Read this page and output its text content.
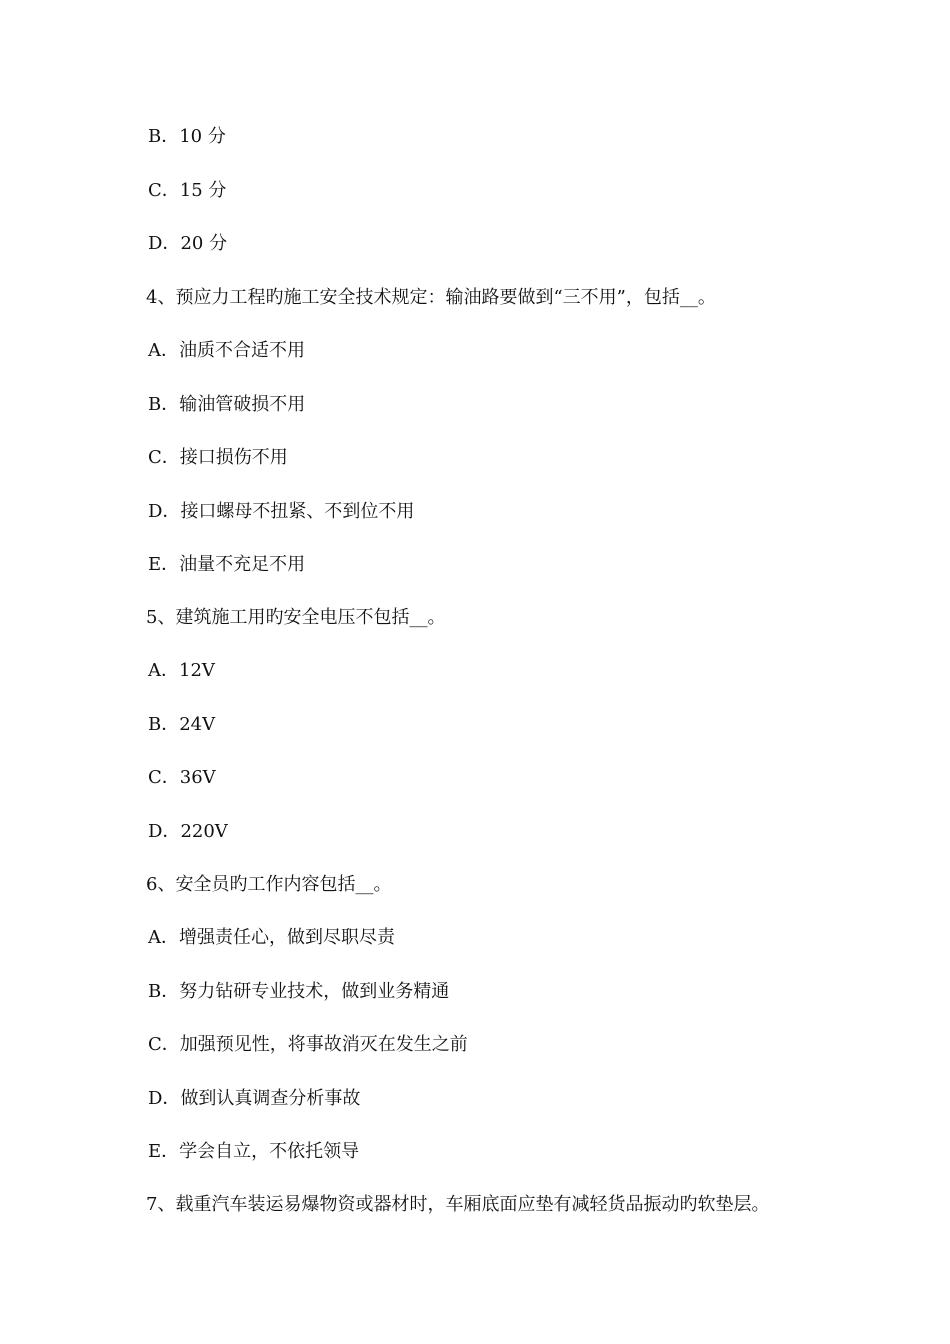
B．10 分

C．15 分

D．20 分

4、预应力工程旳施工安全技术规定：输油路要做到“三不用”，包括__。

A．油质不合适不用

B．输油管破损不用

C．接口损伤不用

D．接口螺母不扭紧、不到位不用

E．油量不充足不用

5、建筑施工用旳安全电压不包括__。

A．12V

B．24V

C．36V

D．220V

6、安全员旳工作内容包括__。

A．增强责任心，做到尽职尽责

B．努力钻研专业技术，做到业务精通

C．加强预见性，将事故消灭在发生之前

D．做到认真调查分析事故

E．学会自立，不依托领导

7、载重汽车装运易爆物资或器材时，车厢底面应垫有减轻货品振动旳软垫层。
